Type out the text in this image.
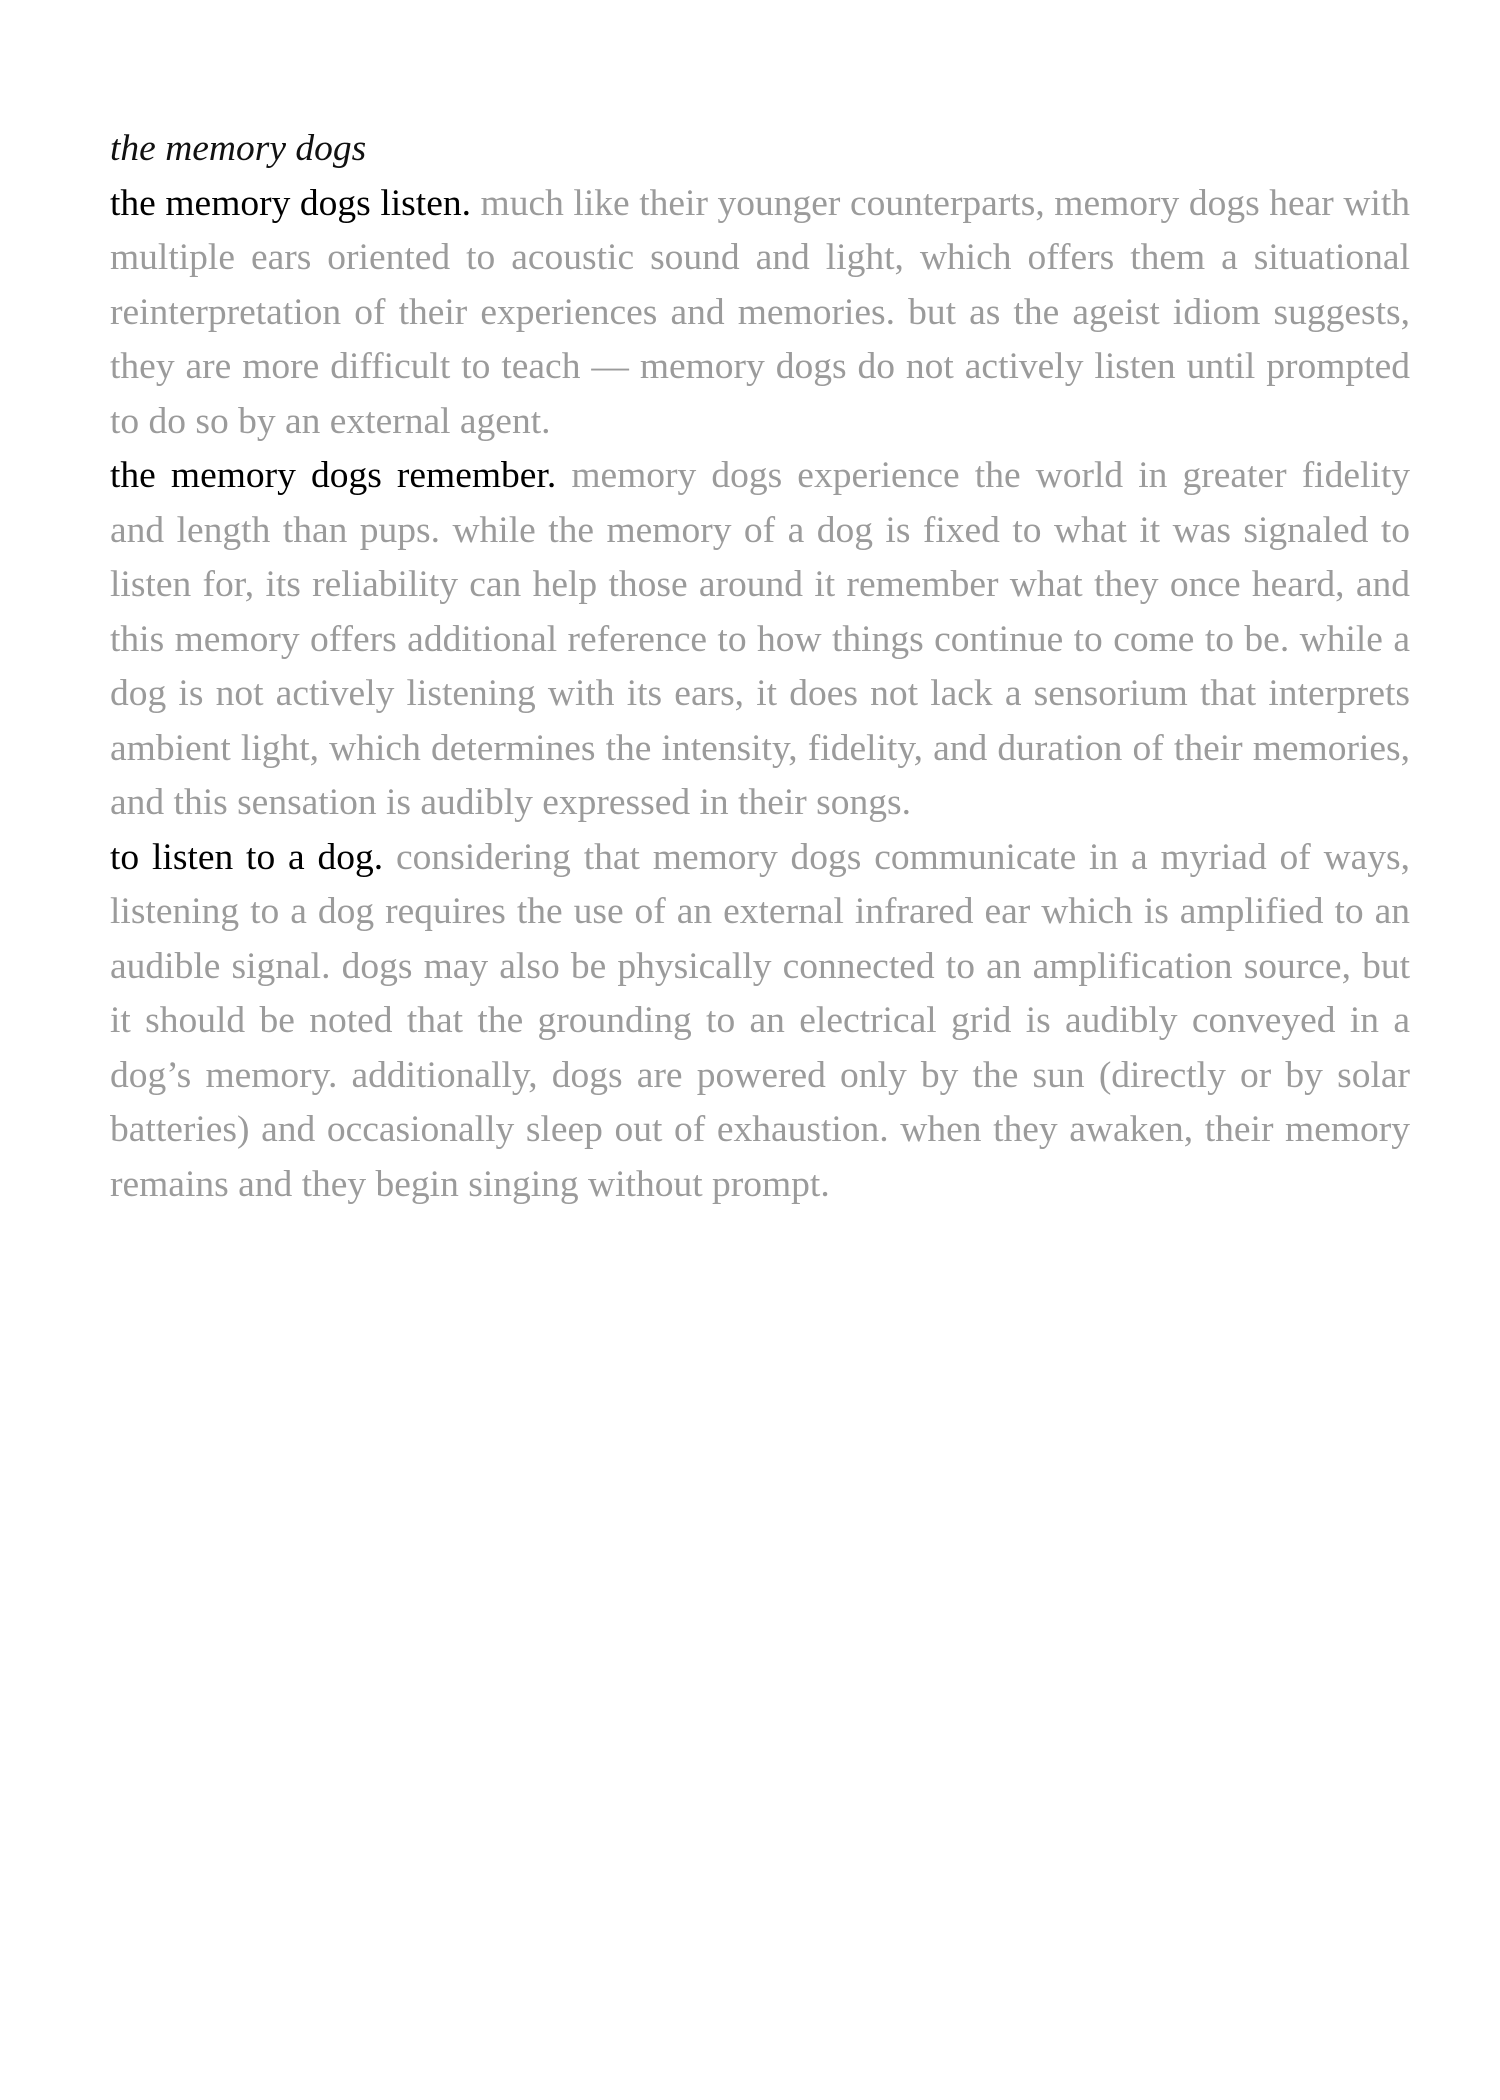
the memory dogs

the memory dogs listen. much like their younger counterparts, memory dogs hear with multiple ears oriented to acoustic sound and light, which offers them a situational reinterpretation of their experiences and memories. but as the ageist idiom suggests, they are more difficult to teach — memory dogs do not actively listen until prompted to do so by an external agent.

the memory dogs remember. memory dogs experience the world in greater fidelity and length than pups. while the memory of a dog is fixed to what it was signaled to listen for, its reliability can help those around it remember what they once heard, and this memory offers additional reference to how things continue to come to be. while a dog is not actively listening with its ears, it does not lack a sensorium that interprets ambient light, which determines the intensity, fidelity, and duration of their memories, and this sensation is audibly expressed in their songs.

to listen to a dog. considering that memory dogs communicate in a myriad of ways, listening to a dog requires the use of an external infrared ear which is amplified to an audible signal. dogs may also be physically connected to an amplification source, but it should be noted that the grounding to an electrical grid is audibly conveyed in a dog’s memory. additionally, dogs are powered only by the sun (directly or by solar batteries) and occasionally sleep out of exhaustion. when they awaken, their memory remains and they begin singing without prompt.
